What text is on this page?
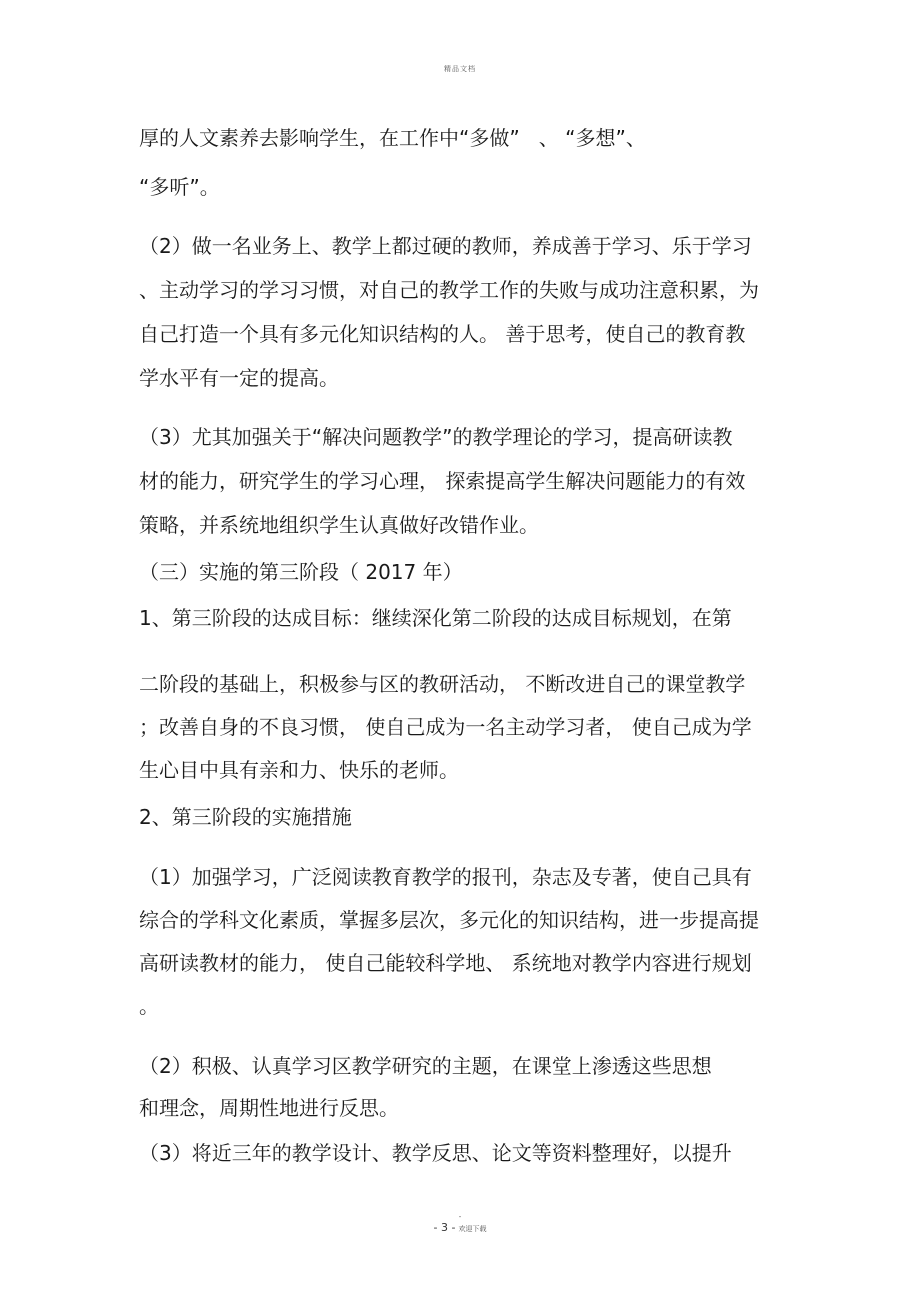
精品文档
厚的人文素养去影响学生，在工作中“多做”   、 “多想”、
“多听”。
（2）做一名业务上、教学上都过硬的教师，养成善于学习、乐于学习
、主动学习的学习习惯，对自己的教学工作的失败与成功注意积累，为
自己打造一个具有多元化知识结构的人。 善于思考，使自己的教育教
学水平有一定的提高。
（3）尤其加强关于“解决问题教学”的教学理论的学习，提高研读教
材的能力，研究学生的学习心理， 探索提高学生解决问题能力的有效
策略，并系统地组织学生认真做好改错作业。
（三）实施的第三阶段（ 2017 年）
1、第三阶段的达成目标：继续深化第二阶段的达成目标规划，在第
二阶段的基础上，积极参与区的教研活动， 不断改进自己的课堂教学
；改善自身的不良习惯， 使自己成为一名主动学习者， 使自己成为学
生心目中具有亲和力、快乐的老师。
2、第三阶段的实施措施
（1）加强学习，广泛阅读教育教学的报刊，杂志及专著，使自己具有
综合的学科文化素质，掌握多层次，多元化的知识结构，进一步提高提
高研读教材的能力， 使自己能较科学地、 系统地对教学内容进行规划
。
（2）积极、认真学习区教学研究的主题，在课堂上渗透这些思想
和理念，周期性地进行反思。
（3）将近三年的教学设计、教学反思、论文等资料整理好，以提升
-
- 3 - 欢迎下载
